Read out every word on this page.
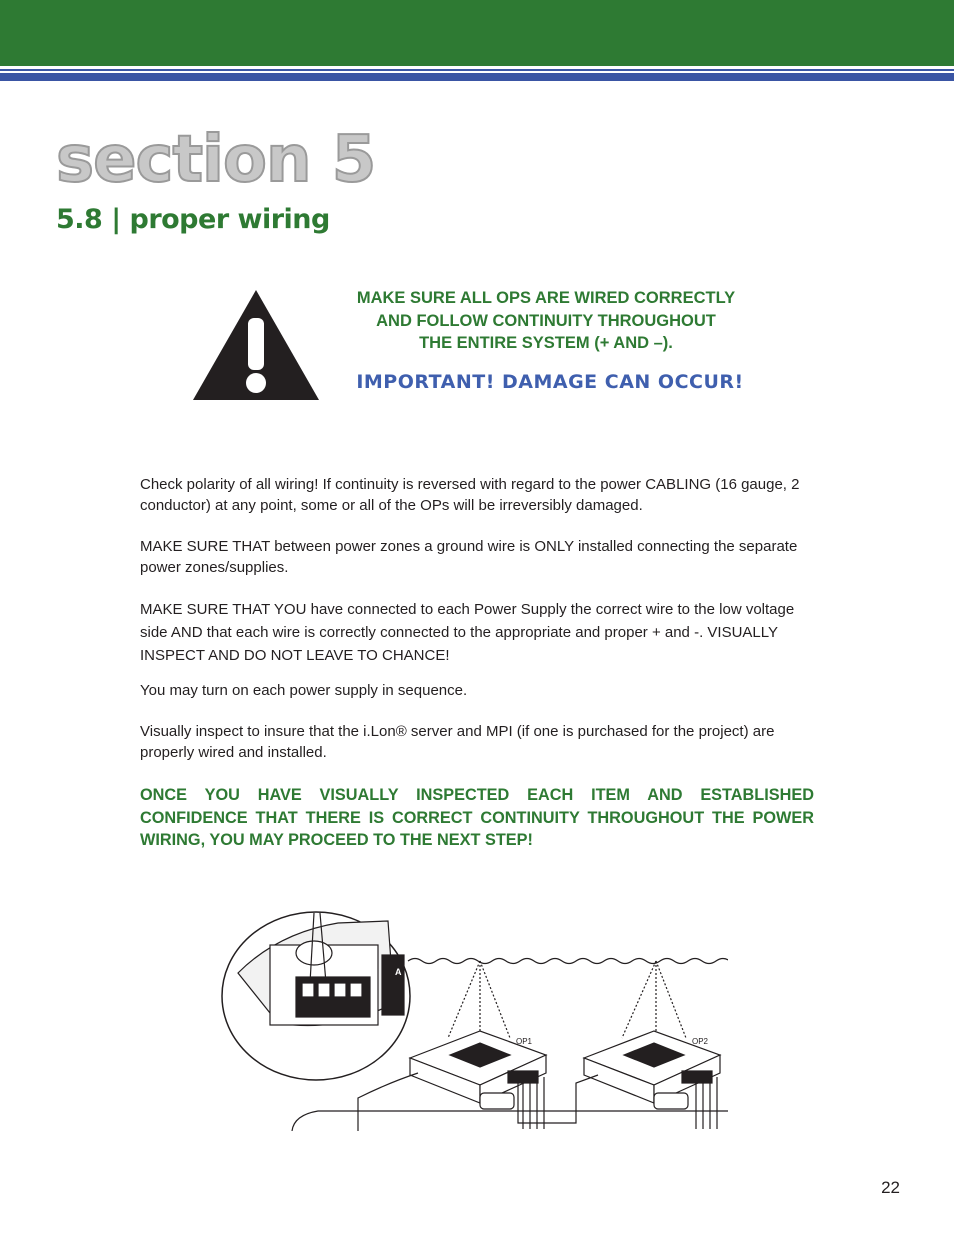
section 5
5.8 | proper wiring

MAKE SURE ALL OPS ARE WIRED CORRECTLY
AND FOLLOW CONTINUITY THROUGHOUT
THE ENTIRE SYSTEM (+ AND –).

IMPORTANT! DAMAGE CAN OCCUR!

Check polarity of all wiring! If continuity is reversed with regard to the power CABLING (16 gauge, 2 conductor) at any point, some or all of the OPs will be irreversibly damaged.

MAKE SURE THAT between power zones a ground wire is ONLY installed connecting the separate power zones/supplies.

MAKE SURE THAT YOU have connected to each Power Supply the correct wire to the low voltage side AND that each wire is correctly connected to the appropriate and proper + and -. VISUALLY INSPECT AND DO NOT LEAVE TO CHANCE!

You may turn on each power supply in sequence.

Visually inspect to insure that the i.Lon® server and MPI (if one is purchased for the project) are properly wired and installed.

ONCE YOU HAVE VISUALLY INSPECTED EACH ITEM AND ESTABLISHED CONFIDENCE THAT THERE IS CORRECT CONTINUITY THROUGHOUT THE POWER WIRING, YOU MAY PROCEED TO THE NEXT STEP!

OP1	OP2
A

22
